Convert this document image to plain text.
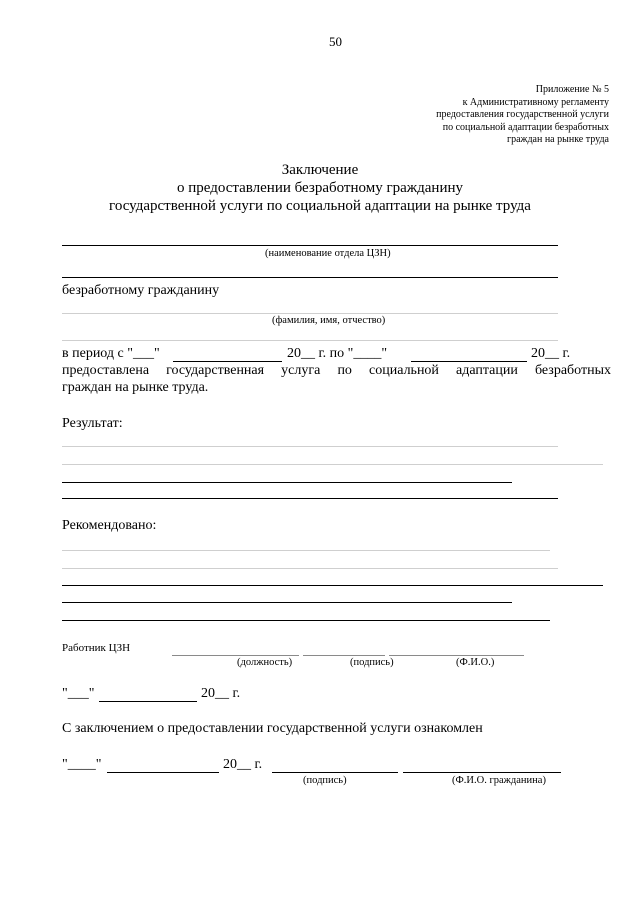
50
Приложение № 5
к Административному регламенту
предоставления государственной услуги
по социальной адаптации безработных
граждан на рынке труда
Заключение
о предоставлении безработному гражданину
государственной услуги по социальной адаптации на рынке труда
(наименование отдела ЦЗН)
безработному гражданину
(фамилия, имя, отчество)
в период с "___"	20__ г. по "____"	20__ г.
предоставлена государственная услуга по социальной адаптации безработных
граждан на рынке труда.
Результат:
Рекомендовано:
Работник ЦЗН
(должность)	(подпись)	(Ф.И.О.)
"___"	20__ г.
С заключением о предоставлении государственной услуги ознакомлен
"____"	20__ г.
(подпись)	(Ф.И.О. гражданина)
